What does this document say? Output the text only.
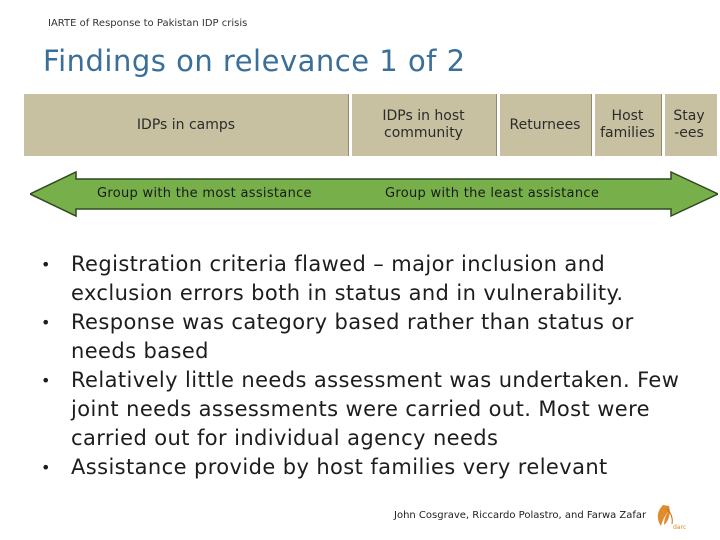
IARTE of Response to Pakistan IDP crisis
Findings on relevance 1 of 2
IDPs in camps
IDPs in host community
Returnees
Host families
Stay -ees
Group with the most assistance	Group with the least assistance
• Registration criteria flawed – major inclusion and exclusion errors both in status and in vulnerability.
• Response was category based rather than status or needs based
• Relatively little needs assessment was undertaken. Few joint needs assessments were carried out. Most were carried out for individual agency needs
• Assistance provide by host families very relevant
John Cosgrave, Riccardo Polastro, and Farwa Zafar
darc
